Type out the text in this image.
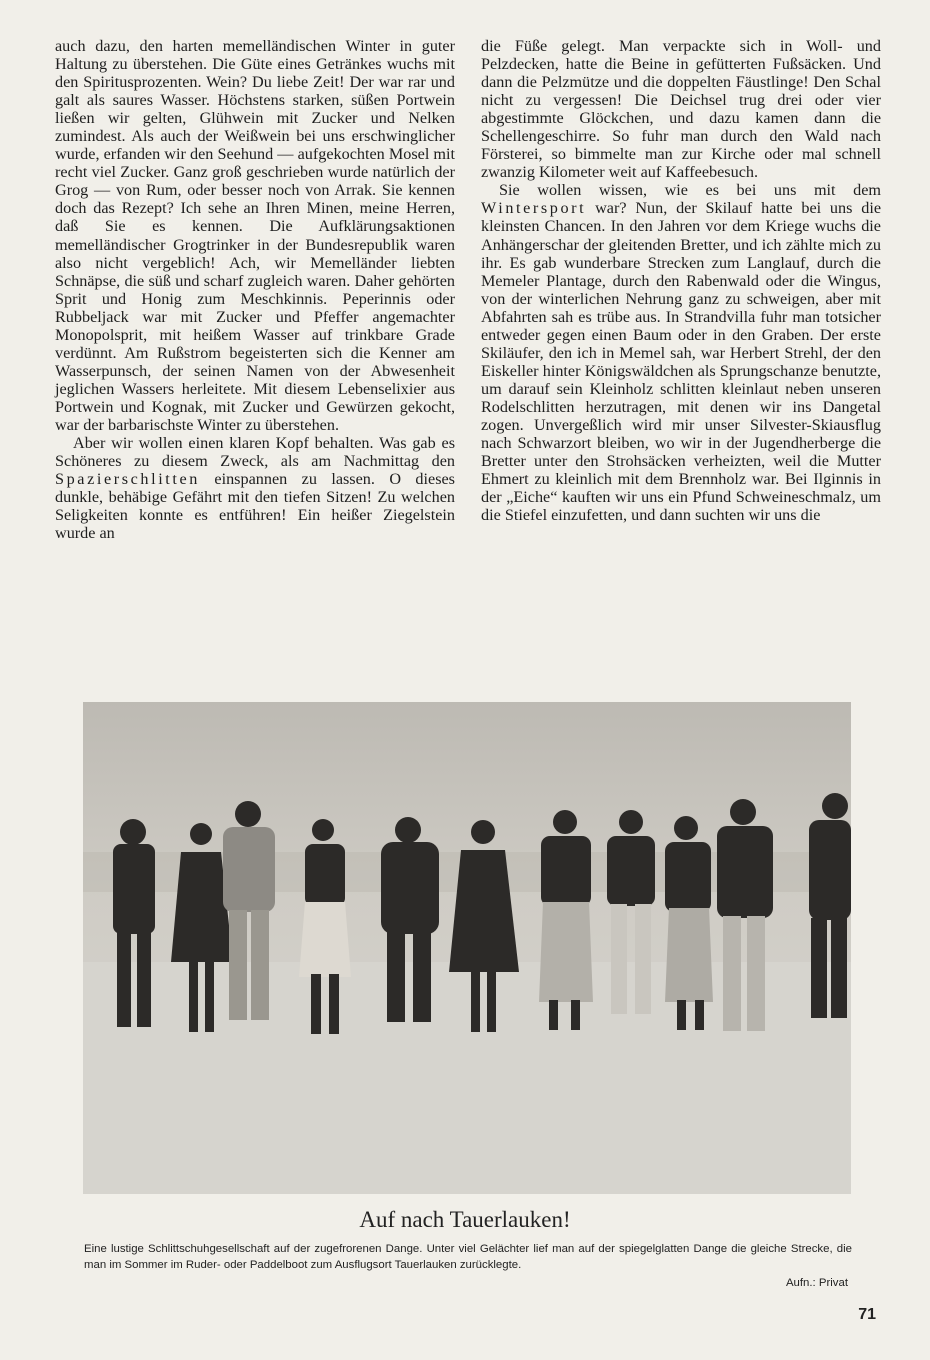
auch dazu, den harten memelländischen Winter in guter Haltung zu überstehen. Die Güte eines Getränkes wuchs mit den Spiritusprozenten. Wein? Du liebe Zeit! Der war rar und galt als saures Wasser. Höchstens starken, süßen Portwein ließen wir gelten, Glühwein mit Zucker und Nelken zumindest. Als auch der Weißwein bei uns erschwinglicher wurde, erfanden wir den Seehund — aufgekochten Mosel mit recht viel Zucker. Ganz groß geschrieben wurde natürlich der Grog — von Rum, oder besser noch von Arrak. Sie kennen doch das Rezept? Ich sehe an Ihren Minen, meine Herren, daß Sie es kennen. Die Aufklärungsaktionen memelländischer Grogtrinker in der Bundesrepublik waren also nicht vergeblich! Ach, wir Memelländer liebten Schnäpse, die süß und scharf zugleich waren. Daher gehörten Sprit und Honig zum Meschkinnis. Peperinnis oder Rubbeljack war mit Zucker und Pfeffer angemachter Monopolsprit, mit heißem Wasser auf trinkbare Grade verdünnt. Am Rußstrom begeisterten sich die Kenner am Wasserpunsch, der seinen Namen von der Abwesenheit jeglichen Wassers herleitete. Mit diesem Lebenselixier aus Portwein und Kognak, mit Zucker und Gewürzen gekocht, war der barbarischste Winter zu überstehen.

Aber wir wollen einen klaren Kopf behalten. Was gab es Schöneres zu diesem Zweck, als am Nachmittag den Spazierschlitten einspannen zu lassen. O dieses dunkle, behäbige Gefährt mit den tiefen Sitzen! Zu welchen Seligkeiten konnte es entführen! Ein heißer Ziegelstein wurde an

die Füße gelegt. Man verpackte sich in Woll- und Pelzdecken, hatte die Beine in gefütterten Fußsäcken. Und dann die Pelzmütze und die doppelten Fäustlinge! Den Schal nicht zu vergessen! Die Deichsel trug drei oder vier abgestimmte Glöckchen, und dazu kamen dann die Schellengeschirre. So fuhr man durch den Wald nach Försterei, so bimmelte man zur Kirche oder mal schnell zwanzig Kilometer weit auf Kaffeebesuch.

Sie wollen wissen, wie es bei uns mit dem Wintersport war? Nun, der Skilauf hatte bei uns die kleinsten Chancen. In den Jahren vor dem Kriege wuchs die Anhängerschar der gleitenden Bretter, und ich zählte mich zu ihr. Es gab wunderbare Strecken zum Langlauf, durch die Memeler Plantage, durch den Rabenwald oder die Wingus, von der winterlichen Nehrung ganz zu schweigen, aber mit Abfahrten sah es trübe aus. In Strandvilla fuhr man totsicher entweder gegen einen Baum oder in den Graben. Der erste Skiläufer, den ich in Memel sah, war Herbert Strehl, der den Eiskeller hinter Königswäldchen als Sprungschanze benutzte, um darauf sein Kleinholz schlitten kleinlaut neben unseren Rodelschlitten herzutragen, mit denen wir ins Dangetal zogen. Unvergeßlich wird mir unser Silvester-Skiausflug nach Schwarzort bleiben, wo wir in der Jugendherberge die Bretter unter den Strohsäcken verheizten, weil die Mutter Ehmert zu kleinlich mit dem Brennholz war. Bei Ilginnis in der „Eiche“ kauften wir uns ein Pfund Schweineschmalz, um die Stiefel einzufetten, und dann suchten wir uns die

Auf nach Tauerlauken!
Eine lustige Schlittschuhgesellschaft auf der zugefrorenen Dange. Unter viel Gelächter lief man auf der spiegelglatten Dange die gleiche Strecke, die man im Sommer im Ruder- oder Paddelboot zum Ausflugsort Tauerlauken zurücklegte.
Aufn.: Privat
71
